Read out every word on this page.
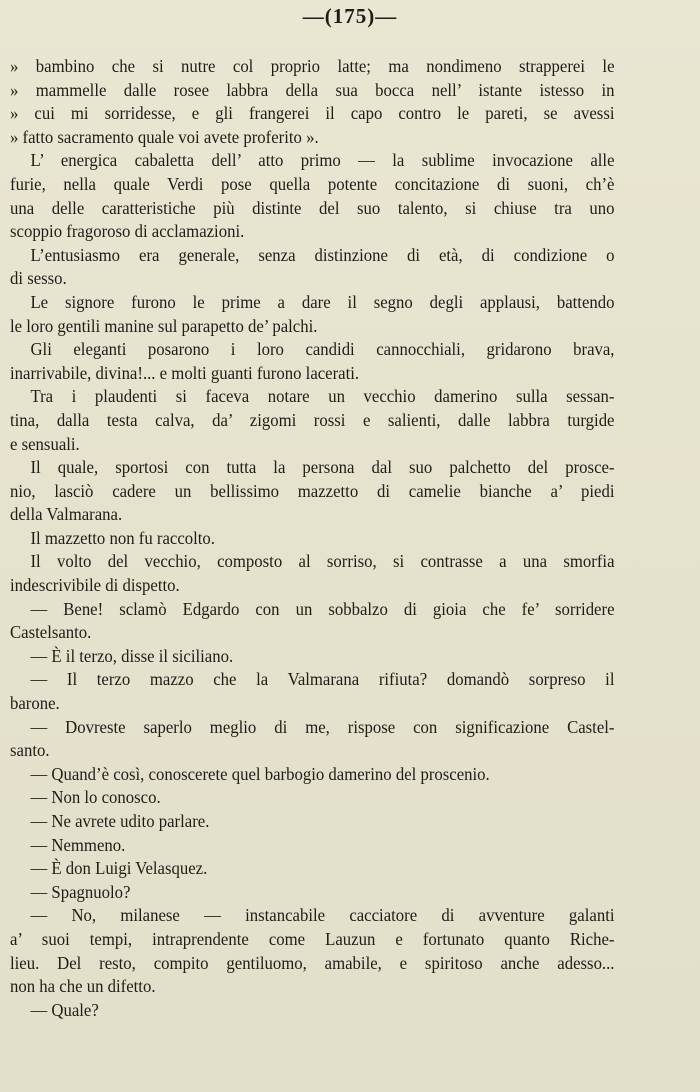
—(175)—
» bambino che si nutre col proprio latte; ma nondimeno strapperei le
» mammelle dalle rosee labbra della sua bocca nell’ istante istesso in
» cui mi sorridesse, e gli frangerei il capo contro le pareti, se avessi
» fatto sacramento quale voi avete proferito ».
L’ energica cabaletta dell’ atto primo — la sublime invocazione alle
furie, nella quale Verdi pose quella potente concitazione di suoni, ch’è
una delle caratteristiche più distinte del suo talento, si chiuse tra uno
scoppio fragoroso di acclamazioni.
L’entusiasmo era generale, senza distinzione di età, di condizione o
di sesso.
Le signore furono le prime a dare il segno degli applausi, battendo
le loro gentili manine sul parapetto de’ palchi.
Gli eleganti posarono i loro candidi cannocchiali, gridarono brava,
inarrivabile, divina!... e molti guanti furono lacerati.
Tra i plaudenti si faceva notare un vecchio damerino sulla sessan-
tina, dalla testa calva, da’ zigomi rossi e salienti, dalle labbra turgide
e sensuali.
Il quale, sportosi con tutta la persona dal suo palchetto del prosce-
nio, lasciò cadere un bellissimo mazzetto di camelie bianche a’ piedi
della Valmarana.
Il mazzetto non fu raccolto.
Il volto del vecchio, composto al sorriso, si contrasse a una smorfia
indescrivibile di dispetto.
— Bene! sclamò Edgardo con un sobbalzo di gioia che fe’ sorridere
Castelsanto.
— È il terzo, disse il siciliano.
— Il terzo mazzo che la Valmarana rifiuta? domandò sorpreso il
barone.
— Dovreste saperlo meglio di me, rispose con significazione Castel-
santo.
— Quand’è così, conoscerete quel barbogio damerino del proscenio.
— Non lo conosco.
— Ne avrete udito parlare.
— Nemmeno.
— È don Luigi Velasquez.
— Spagnuolo?
— No, milanese — instancabile cacciatore di avventure galanti
a’ suoi tempi, intraprendente come Lauzun e fortunato quanto Riche-
lieu. Del resto, compito gentiluomo, amabile, e spiritoso anche adesso...
non ha che un difetto.
— Quale?
